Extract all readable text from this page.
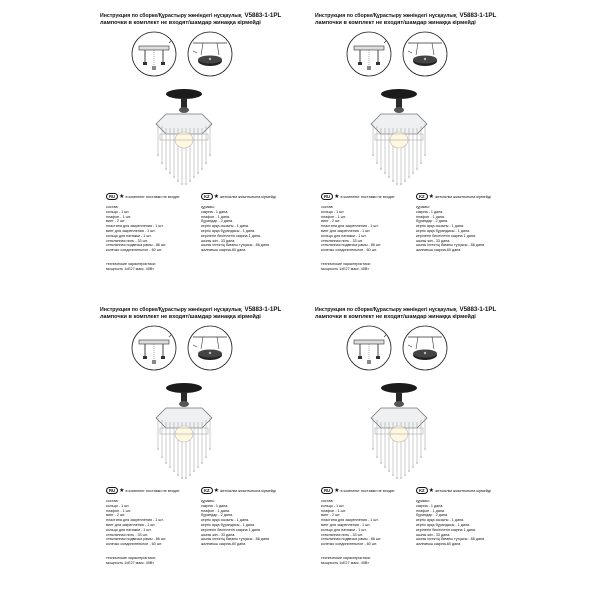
Инструкция по сборке/Құрастыру жөніндегі нұсқаулық V5883-1-1PL
лампочки в комплект не входят/шамдар жинаққа кірмейді
RU ★в комплект поставки не входят	KZ ★жеткізілім жиынтығына кірмейді
состав:
кольцо - 1 шт.
плафон - 1 шт.
винт - 2 шт.
пластина для закрепления - 1 шт.
винт для закрепления - 1 шт.
кольцо для натяжки - 1 шт.
стеклянная нить - 33 шт.
стеклянная подвеска рамы - 86 шт.
колечко соединительное - 60 шт.
құрамы:
сақина - 1 дана.
плафон - 1 дана.
бұрандар - 2 дана.
кертік арқа сызығы - 1 дана.
кертік арқа бұрандасы - 1 дана.
керілетін бекітілетін сақина 1 дана.
шыны жіп - 33 дана.
шыны ілгектің бағаны тұтқасы - 86 дана
жалғағыш сақина-60 дана
технические характеристики:
мощность 1хЕ27 макс. 40Вт
Инструкция по сборке/Құрастыру жөніндегі нұсқаулық V5883-1-1PL
лампочки в комплект не входят/шамдар жинаққа кірмейді
RU ★в комплект поставки не входят	KZ ★жеткізілім жиынтығына кірмейді
состав:
кольцо - 1 шт.
плафон - 1 шт.
винт - 2 шт.
пластина для закрепления - 1 шт.
винт для закрепления - 1 шт.
кольцо для натяжки - 1 шт.
стеклянная нить - 33 шт.
стеклянная подвеска рамы - 86 шт.
колечко соединительное - 60 шт.
құрамы:
сақина - 1 дана.
плафон - 1 дана.
бұрандар - 2 дана.
кертік арқа сызығы - 1 дана.
кертік арқа бұрандасы - 1 дана.
керілетін бекітілетін сақина 1 дана.
шыны жіп - 33 дана.
шыны ілгектің бағаны тұтқасы - 86 дана
жалғағыш сақина-60 дана
технические характеристики:
мощность 1хЕ27 макс. 40Вт
Инструкция по сборке/Құрастыру жөніндегі нұсқаулық V5883-1-1PL
лампочки в комплект не входят/шамдар жинаққа кірмейді
RU ★в комплект поставки не входят	KZ ★жеткізілім жиынтығына кірмейді
состав:
кольцо - 1 шт.
плафон - 1 шт.
винт - 2 шт.
пластина для закрепления - 1 шт.
винт для закрепления - 1 шт.
кольцо для натяжки - 1 шт.
стеклянная нить - 33 шт.
стеклянная подвеска рамы - 86 шт.
колечко соединительное - 60 шт.
құрамы:
сақина - 1 дана.
плафон - 1 дана.
бұрандар - 2 дана.
кертік арқа сызығы - 1 дана.
кертік арқа бұрандасы - 1 дана.
керілетін бекітілетін сақина 1 дана.
шыны жіп - 33 дана.
шыны ілгектің бағаны тұтқасы - 86 дана
жалғағыш сақина-60 дана
технические характеристики:
мощность 1хЕ27 макс. 40Вт
Инструкция по сборке/Құрастыру жөніндегі нұсқаулық V5883-1-1PL
лампочки в комплект не входят/шамдар жинаққа кірмейді
RU ★в комплект поставки не входят	KZ ★жеткізілім жиынтығына кірмейді
состав:
кольцо - 1 шт.
плафон - 1 шт.
винт - 2 шт.
пластина для закрепления - 1 шт.
винт для закрепления - 1 шт.
кольцо для натяжки - 1 шт.
стеклянная нить - 33 шт.
стеклянная подвеска рамы - 86 шт.
колечко соединительное - 60 шт.
құрамы:
сақина - 1 дана.
плафон - 1 дана.
бұрандар - 2 дана.
кертік арқа сызығы - 1 дана.
кертік арқа бұрандасы - 1 дана.
керілетін бекітілетін сақина 1 дана.
шыны жіп - 33 дана.
шыны ілгектің бағаны тұтқасы - 86 дана
жалғағыш сақина-60 дана
технические характеристики:
мощность 1хЕ27 макс. 40Вт
